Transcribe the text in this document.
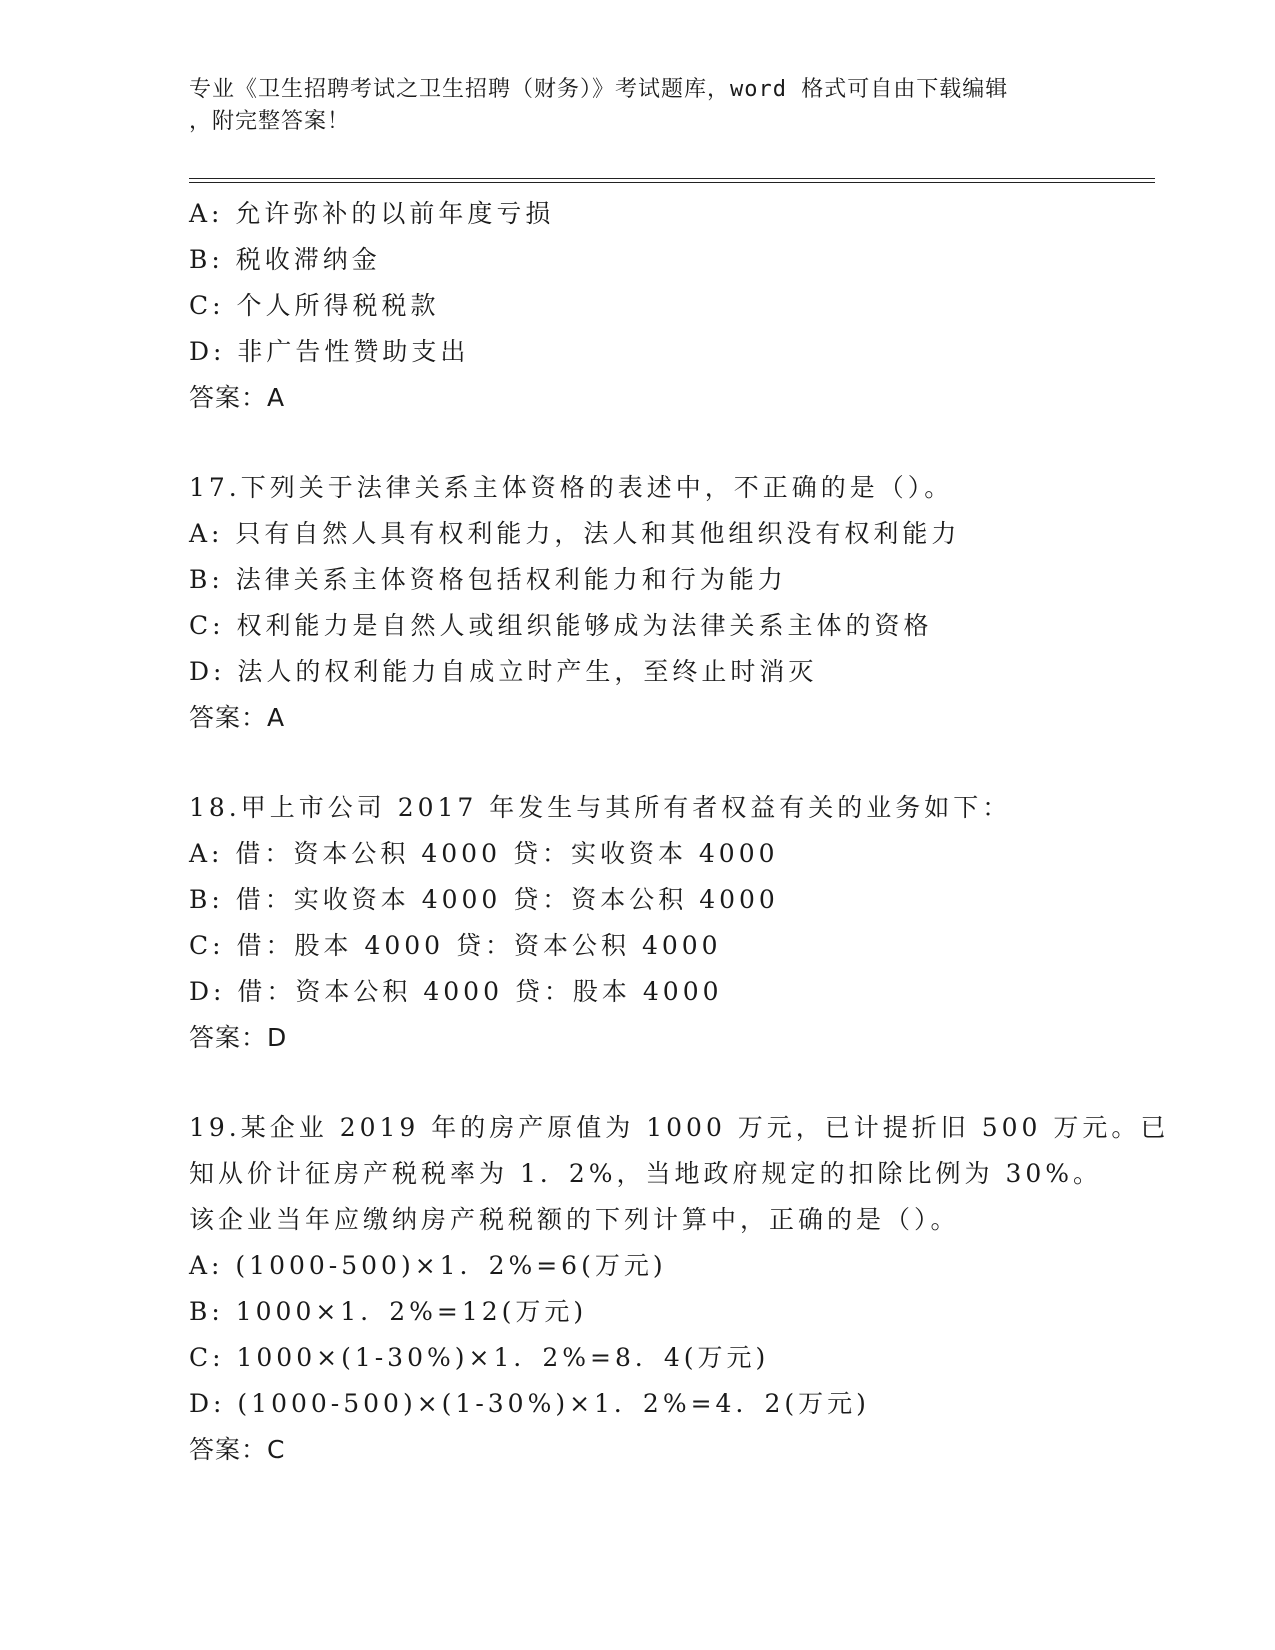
专业《卫生招聘考试之卫生招聘（财务）》考试题库，word 格式可自由下载编辑
，附完整答案！
A: 允许弥补的以前年度亏损
B: 税收滞纳金
C: 个人所得税税款
D: 非广告性赞助支出
答案：A
17.下列关于法律关系主体资格的表述中，不正确的是（）。
A: 只有自然人具有权利能力，法人和其他组织没有权利能力
B: 法律关系主体资格包括权利能力和行为能力
C: 权利能力是自然人或组织能够成为法律关系主体的资格
D: 法人的权利能力自成立时产生，至终止时消灭
答案：A
18.甲上市公司 2017 年发生与其所有者权益有关的业务如下：
A: 借：资本公积 4000 贷：实收资本 4000
B: 借：实收资本 4000 贷：资本公积 4000
C: 借：股本 4000 贷：资本公积 4000
D: 借：资本公积 4000 贷：股本 4000
答案：D
19.某企业 2019 年的房产原值为 1000 万元，已计提折旧 500 万元。已
知从价计征房产税税率为 1．2%，当地政府规定的扣除比例为 30%。
该企业当年应缴纳房产税税额的下列计算中，正确的是（）。
A: (1000-500)×1．2%=6(万元)
B: 1000×1．2%=12(万元)
C: 1000×(1-30%)×1．2%=8．4(万元)
D: (1000-500)×(1-30%)×1．2%=4．2(万元)
答案：C
